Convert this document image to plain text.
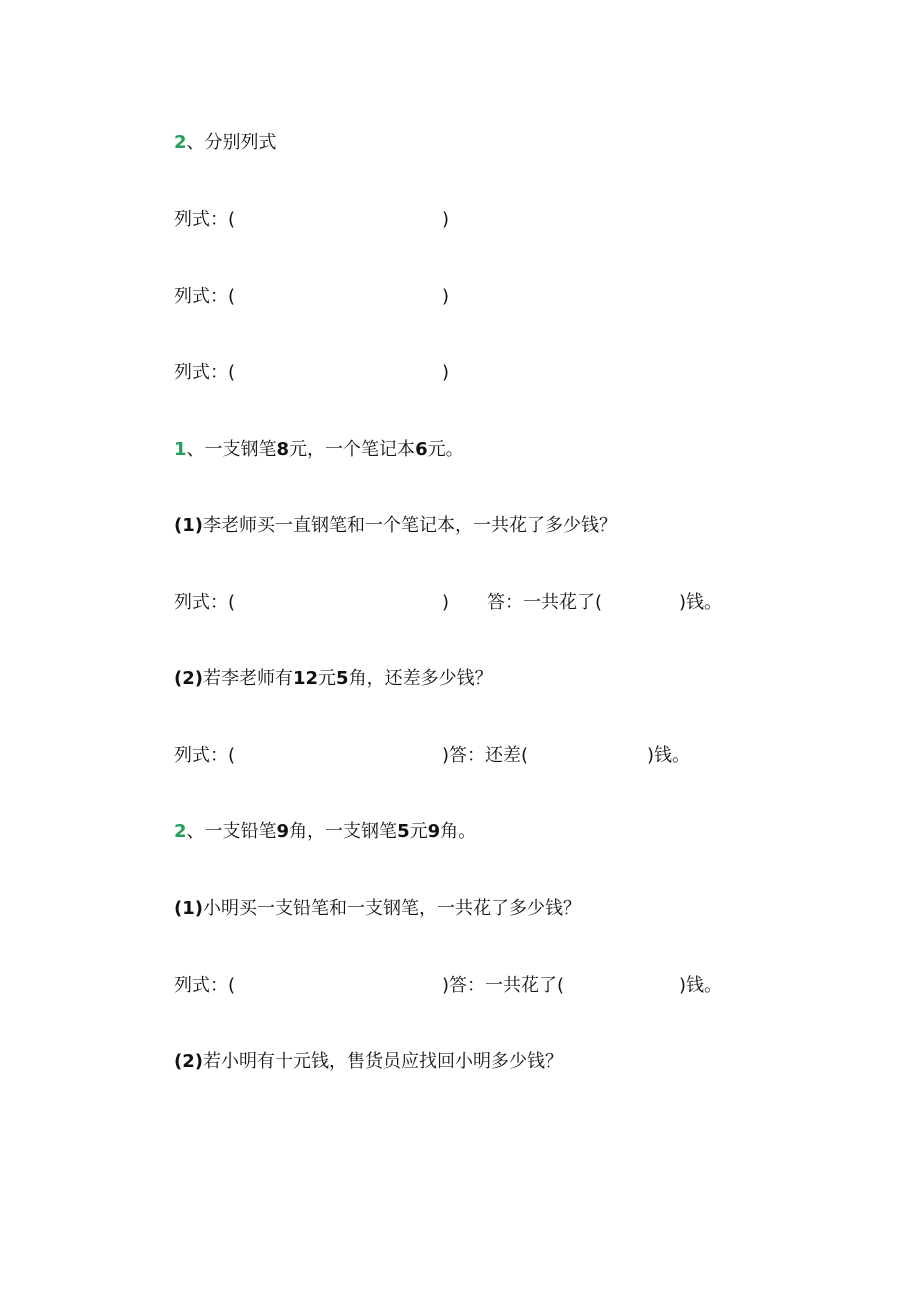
2、分别列式
列式：(	)
列式：(	)
列式：(	)
1、一支钢笔8元，一个笔记本6元。
(1)李老师买一直钢笔和一个笔记本，一共花了多少钱？
列式：(	) 答：一共花了(	)钱。
(2)若李老师有12元5角，还差多少钱？
列式：(	)答：还差(	)钱。
2、一支铅笔9角，一支钢笔5元9角。
(1)小明买一支铅笔和一支钢笔，一共花了多少钱？
列式：(	)答：一共花了(	)钱。
(2)若小明有十元钱，售货员应找回小明多少钱？
